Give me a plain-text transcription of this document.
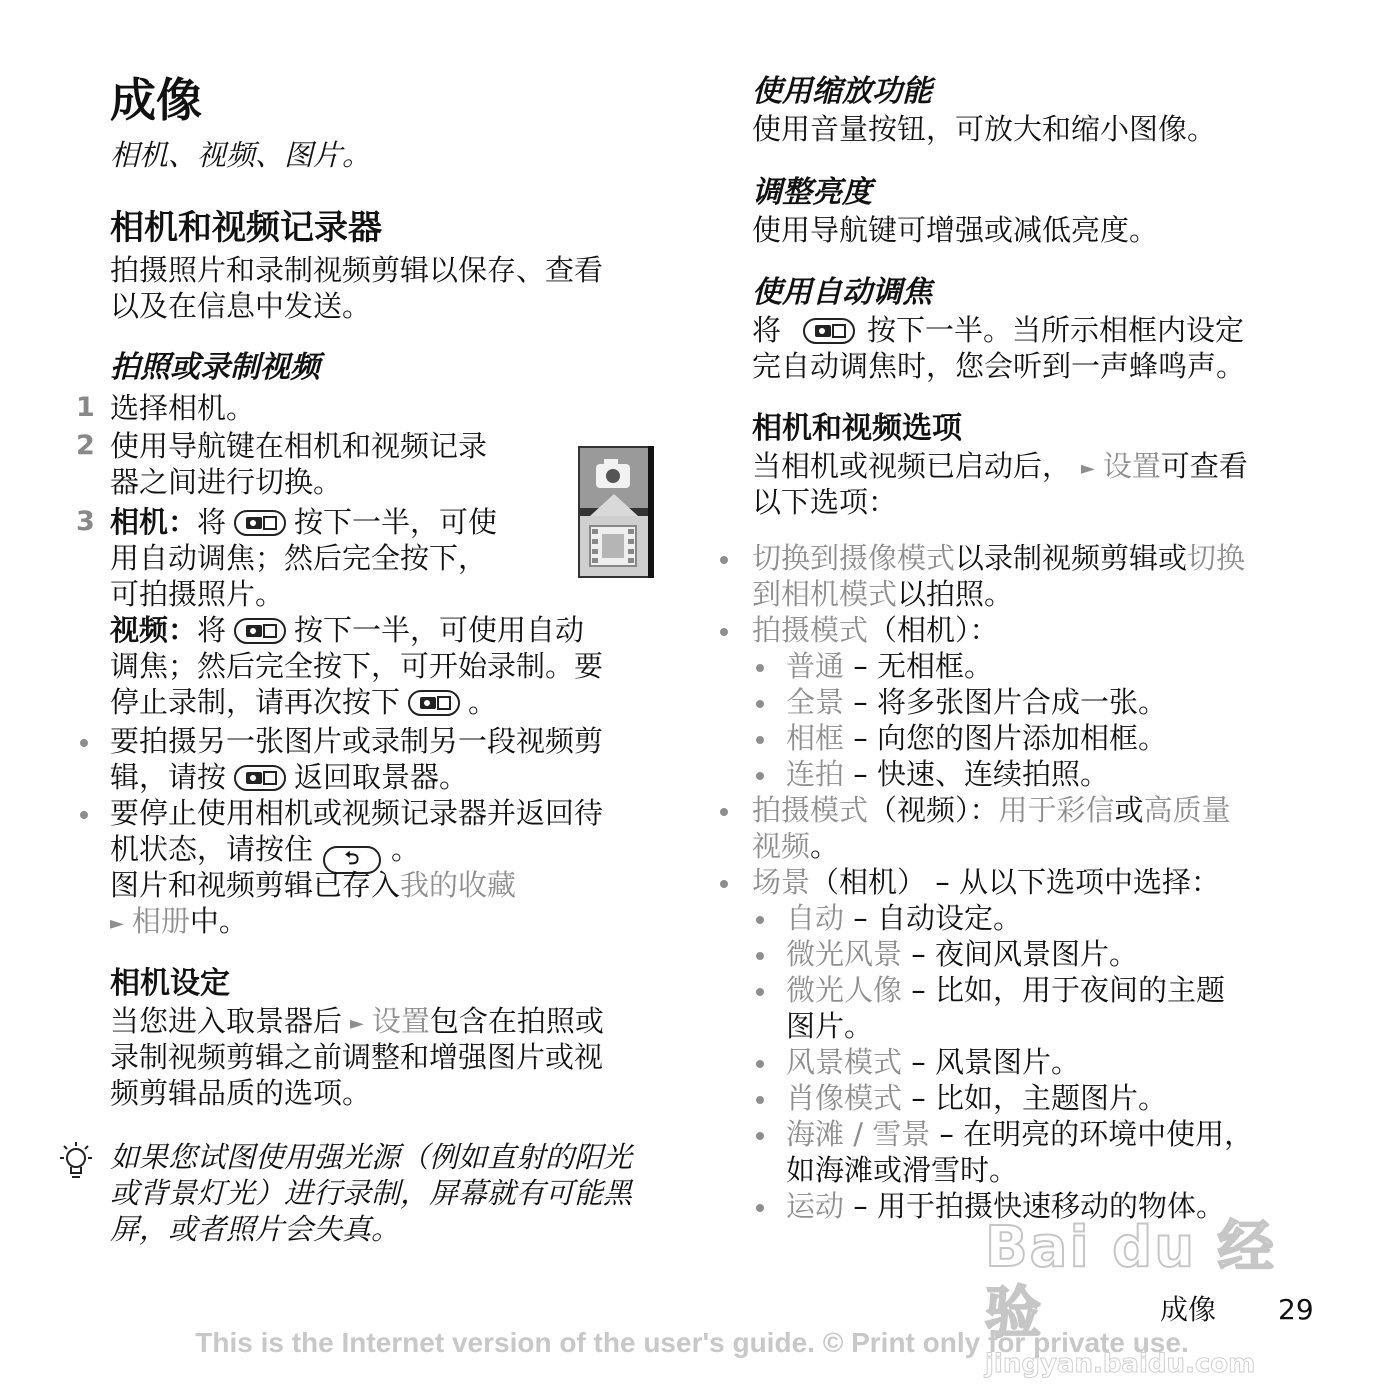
成像
相机、视频、图片。
相机和视频记录器
拍摄照片和录制视频剪辑以保存、查看
以及在信息中发送。
拍照或录制视频
1 选择相机。
2 使用导航键在相机和视频记录
器之间进行切换。
3 相机：将 按下一半，可使
用自动调焦；然后完全按下，
可拍摄照片。
视频：将 按下一半，可使用自动
调焦；然后完全按下，可开始录制。要
停止录制，请再次按下 。
要拍摄另一张图片或录制另一段视频剪
辑，请按 返回取景器。
要停止使用相机或视频记录器并返回待
机状态，请按住 ⮌ 。
图片和视频剪辑已存入我的收藏
► 相册中。
相机设定
当您进入取景器后 ► 设置包含在拍照或
录制视频剪辑之前调整和增强图片或视
频剪辑品质的选项。
如果您试图使用强光源（例如直射的阳光
或背景灯光）进行录制，屏幕就有可能黑
屏，或者照片会失真。
使用缩放功能
使用音量按钮，可放大和缩小图像。
调整亮度
使用导航键可增强或减低亮度。
使用自动调焦
将	按下一半。当所示相框内设定
完自动调焦时，您会听到一声蜂鸣声。
相机和视频选项
当相机或视频已启动后， ► 设置可查看
以下选项：
切换到摄像模式以录制视频剪辑或切换
到相机模式以拍照。
拍摄模式（相机）：
普通 – 无相框。
全景 – 将多张图片合成一张。
相框 – 向您的图片添加相框。
连拍 – 快速、连续拍照。
拍摄模式（视频）：用于彩信或高质量
视频。
场景（相机） – 从以下选项中选择：
自动 – 自动设定。
微光风景 – 夜间风景图片。
微光人像 – 比如，用于夜间的主题
图片。
风景模式 – 风景图片。
肖像模式 – 比如，主题图片。
海滩 / 雪景 – 在明亮的环境中使用，
如海滩或滑雪时。
运动 – 用于拍摄快速移动的物体。
Bai du 经验
jingyan.baidu.com
成像 29
This is the Internet version of the user's guide. © Print only for private use.
